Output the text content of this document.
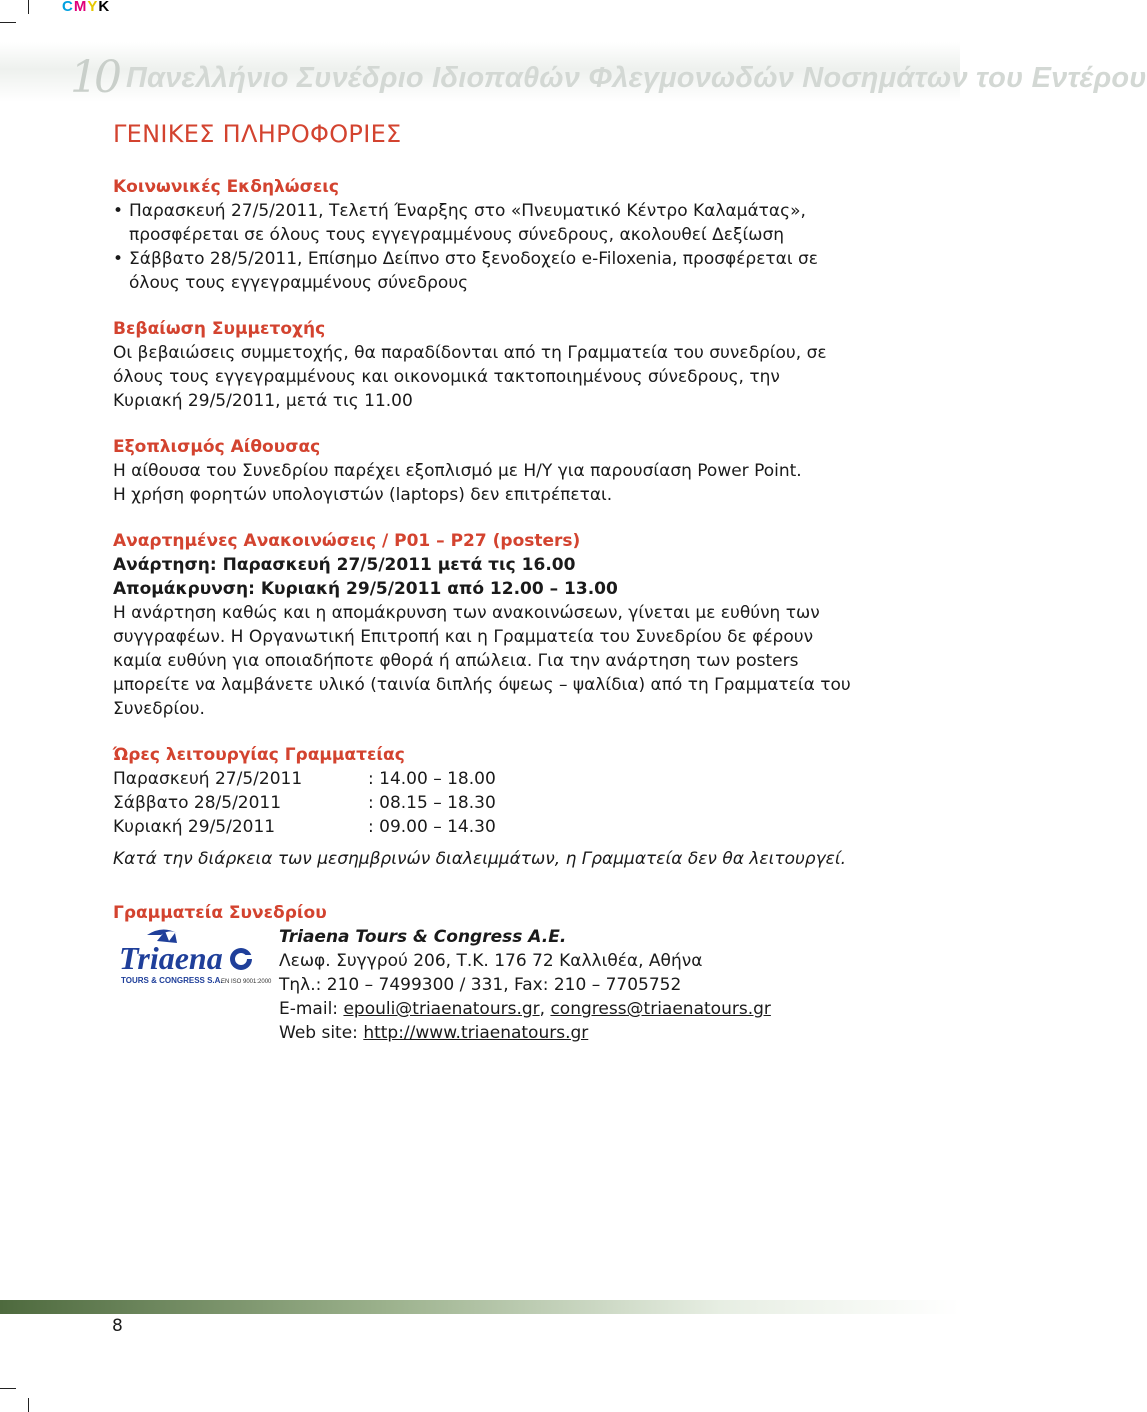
CMYK
10 Πανελλήνιο Συνέδριο Ιδιοπαθών Φλεγμονωδών Νοσημάτων του Εντέρου
ΓΕΝΙΚΕΣ ΠΛΗΡΟΦΟΡΙΕΣ
Κοινωνικές Εκδηλώσεις
• Παρασκευή 27/5/2011, Τελετή Έναρξης στο «Πνευματικό Κέντρο Καλαμάτας», προσφέρεται σε όλους τους εγγεγραμμένους σύνεδρους, ακολουθεί Δεξίωση
• Σάββατο 28/5/2011, Επίσημο Δείπνο στο ξενοδοχείο e-Filoxenia, προσφέρεται σε όλους τους εγγεγραμμένους σύνεδρους
Βεβαίωση Συμμετοχής

Οι βεβαιώσεις συμμετοχής, θα παραδίδονται από τη Γραμματεία του συνεδρίου, σε όλους τους εγγεγραμμένους και οικονομικά τακτοποιημένους σύνεδρους, την Κυριακή 29/5/2011, μετά τις 11.00

Εξοπλισμός Αίθουσας
Η αίθουσα του Συνεδρίου παρέχει εξοπλισμό με Η/Υ για παρουσίαση Power Point.
Η χρήση φορητών υπολογιστών (laptops) δεν επιτρέπεται.
Αναρτημένες Ανακοινώσεις / Ρ01 – Ρ27 (posters)
Ανάρτηση: Παρασκευή 27/5/2011 μετά τις 16.00
Απομάκρυνση: Κυριακή 29/5/2011 από 12.00 – 13.00

Η ανάρτηση καθώς και η απομάκρυνση των ανακοινώσεων, γίνεται με ευθύνη των συγγραφέων. Η Οργανωτική Επιτροπή και η Γραμματεία του Συνεδρίου δε φέρουν καμία ευθύνη για οποιαδήποτε φθορά ή απώλεια. Για την ανάρτηση των posters μπορείτε να λαμβάνετε υλικό (ταινία διπλής όψεως – ψαλίδια) από τη Γραμματεία του Συνεδρίου.

Ώρες λειτουργίας Γραμματείας
Παρασκευή 27/5/2011	: 14.00 – 18.00
Σάββατο 28/5/2011	: 08.15 – 18.30
Κυριακή 29/5/2011	: 09.00 – 14.30
Κατά την διάρκεια των μεσημβρινών διαλειμμάτων, η Γραμματεία δεν θα λειτουργεί.
Γραμματεία Συνεδρίου
Triaena
TOURS & CONGRESS S.A.
EN ISO 9001:2000
Triaena Tours & Congress A.E.
Λεωφ. Συγγρού 206, Τ.Κ. 176 72 Καλλιθέα, Αθήνα
Τηλ.: 210 – 7499300 / 331, Fax: 210 – 7705752
E-mail: epouli@triaenatours.gr, congress@triaenatours.gr
Web site: http://www.triaenatours.gr
8
